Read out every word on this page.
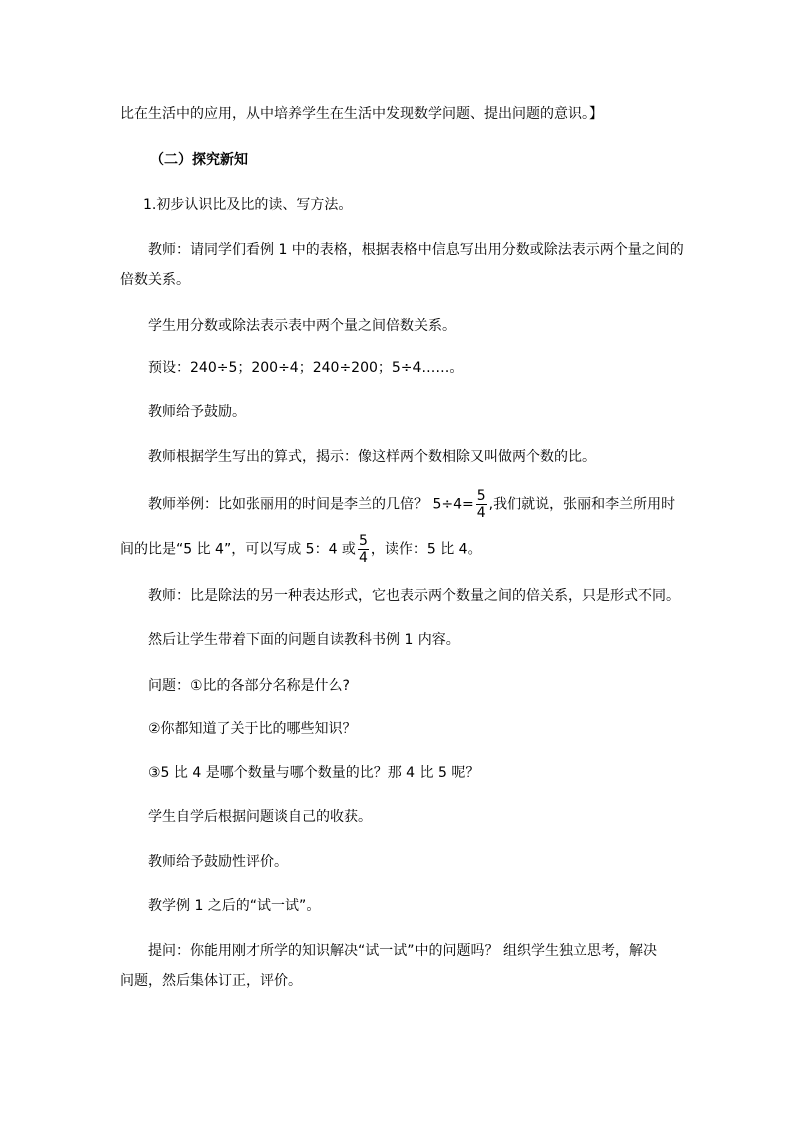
比在生活中的应用，从中培养学生在生活中发现数学问题、提出问题的意识。】
（二）探究新知
1.初步认识比及比的读、写方法。
教师：请同学们看例 1 中的表格，根据表格中信息写出用分数或除法表示两个量之间的
倍数关系。
学生用分数或除法表示表中两个量之间倍数关系。
预设：240÷5；200÷4；240÷200；5÷4……。
教师给予鼓励。
教师根据学生写出的算式，揭示：像这样两个数相除又叫做两个数的比。
教师举例：比如张丽用的时间是李兰的几倍？ $5\div 4= \frac{5}{4}$ ,我们就说，张丽和李兰所用时
间的比是“5 比 4”，可以写成 5：4 或 $\frac{5}{4}$ ，读作：5 比 4。
教师：比是除法的另一种表达形式，它也表示两个数量之间的倍关系，只是形式不同。
然后让学生带着下面的问题自读教科书例 1 内容。
问题：①比的各部分名称是什么?
②你都知道了关于比的哪些知识？
③5 比 4 是哪个数量与哪个数量的比？那 4 比 5 呢？
学生自学后根据问题谈自己的收获。
教师给予鼓励性评价。
教学例 1 之后的“试一试”。
提问：你能用刚才所学的知识解决“试一试”中的问题吗？ 组织学生独立思考，解决
问题，然后集体订正，评价。
